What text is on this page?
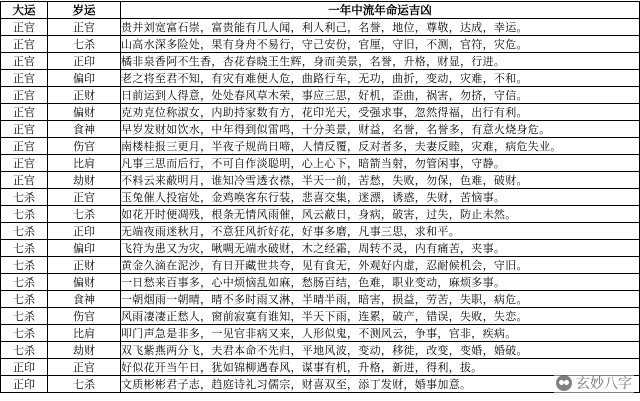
大运	岁运	一年中流年命运吉凶
正官	正官	贵并刘宽富石崇，富贵能有几人闻，利人利己，名誉，地位，尊敬，达成，幸运。
正官	七杀	山高水深多险处，果有身舟不易行，守己安份，官厘，守旧，不测，官符，灾危。
正官	正印	橘非泉香阿不生香，杏花春晓王生辉，身而美景，名誉，升格，财显，行进。
正官	偏印	老之将至君不知，有灾有难便人危，曲路行车，无功，曲折，变动，灾难，不和。
正官	正财	日前运到人得意，处处春风草木荣，事应三思，好机，歪曲，祸害，勿挤，守信。
正官	偏财	克劝克位称淑女，内助持家数有方，花印光天，受强求事，忽然得福，出行有利。
正官	食神	早岁发财如饮水，中年得到似雷鸣，十分美景，财益，名誉，名誉多，有意火烧身危。
正官	伤官	南楼桂报三更月，半夜子规尚日啼，人情反覆，反对者多，夫妻反睦，灾难，病危失业。
正官	比肩	凡事三思而后行，不可自作淡聪明，心上心下，暗箭当射，勿管闲事，守静。
正官	劫财	不料云来蔽明月，谁知冷雪透衣襟，半天一前，苦愁，失败，勿保，色难，破财。
七杀	正官	玉兔催人投宿处，金鸡唤客东行装，悲喜交集，迷漂，诱惑，失财，苦恼事。
七杀	七杀	如花开时便凋残，根条无情风雨催，风云蔽日，身病，破害，过失，防止未然。
七杀	正印	无端夜雨迷秋月，不意狂风折好花，好事多磨，凡事三思，求和平。
七杀	偏印	飞符为患又为灾，啾啁无端水破财，木之经霜，周转不灵，内有痛苦，夹事。
七杀	正财	黄金久滴在泥沙，有日开藏世共夸，见有食无，外观好内虚，忍耐候机会，守旧。
七杀	偏财	一日愁来百事多，心中烦恼乱如麻，愁肠百结，色难，职业变动，麻烦多事。
七杀	食神	一朝烟雨一朝晴，晴不多时雨又淋，半晴半雨，暗害，损益，劳苦，失职，病危。
七杀	伤官	风雨凄凄正愁人，窗前寂寞有谁知，半天下雨，连累，破产，错误，失败，失恋。
七杀	比肩	叩门声急是非多，一见官非病又来，人形似鬼，不测风云，争事，官非，疾病。
七杀	劫财	双飞紫燕两分飞，夫君本命不先归，平地风波，变动，移徙，改变，变婚，婚破。
正印	正官	好似花开当午日，犹如锦柳遇春风，谋事有机，升格，新进，得利，拔。
正印	七杀	文质彬彬君子志，趋庭诗礼习儒宗，财喜双至，添丁发财，婚事加意。	玄妙八字
